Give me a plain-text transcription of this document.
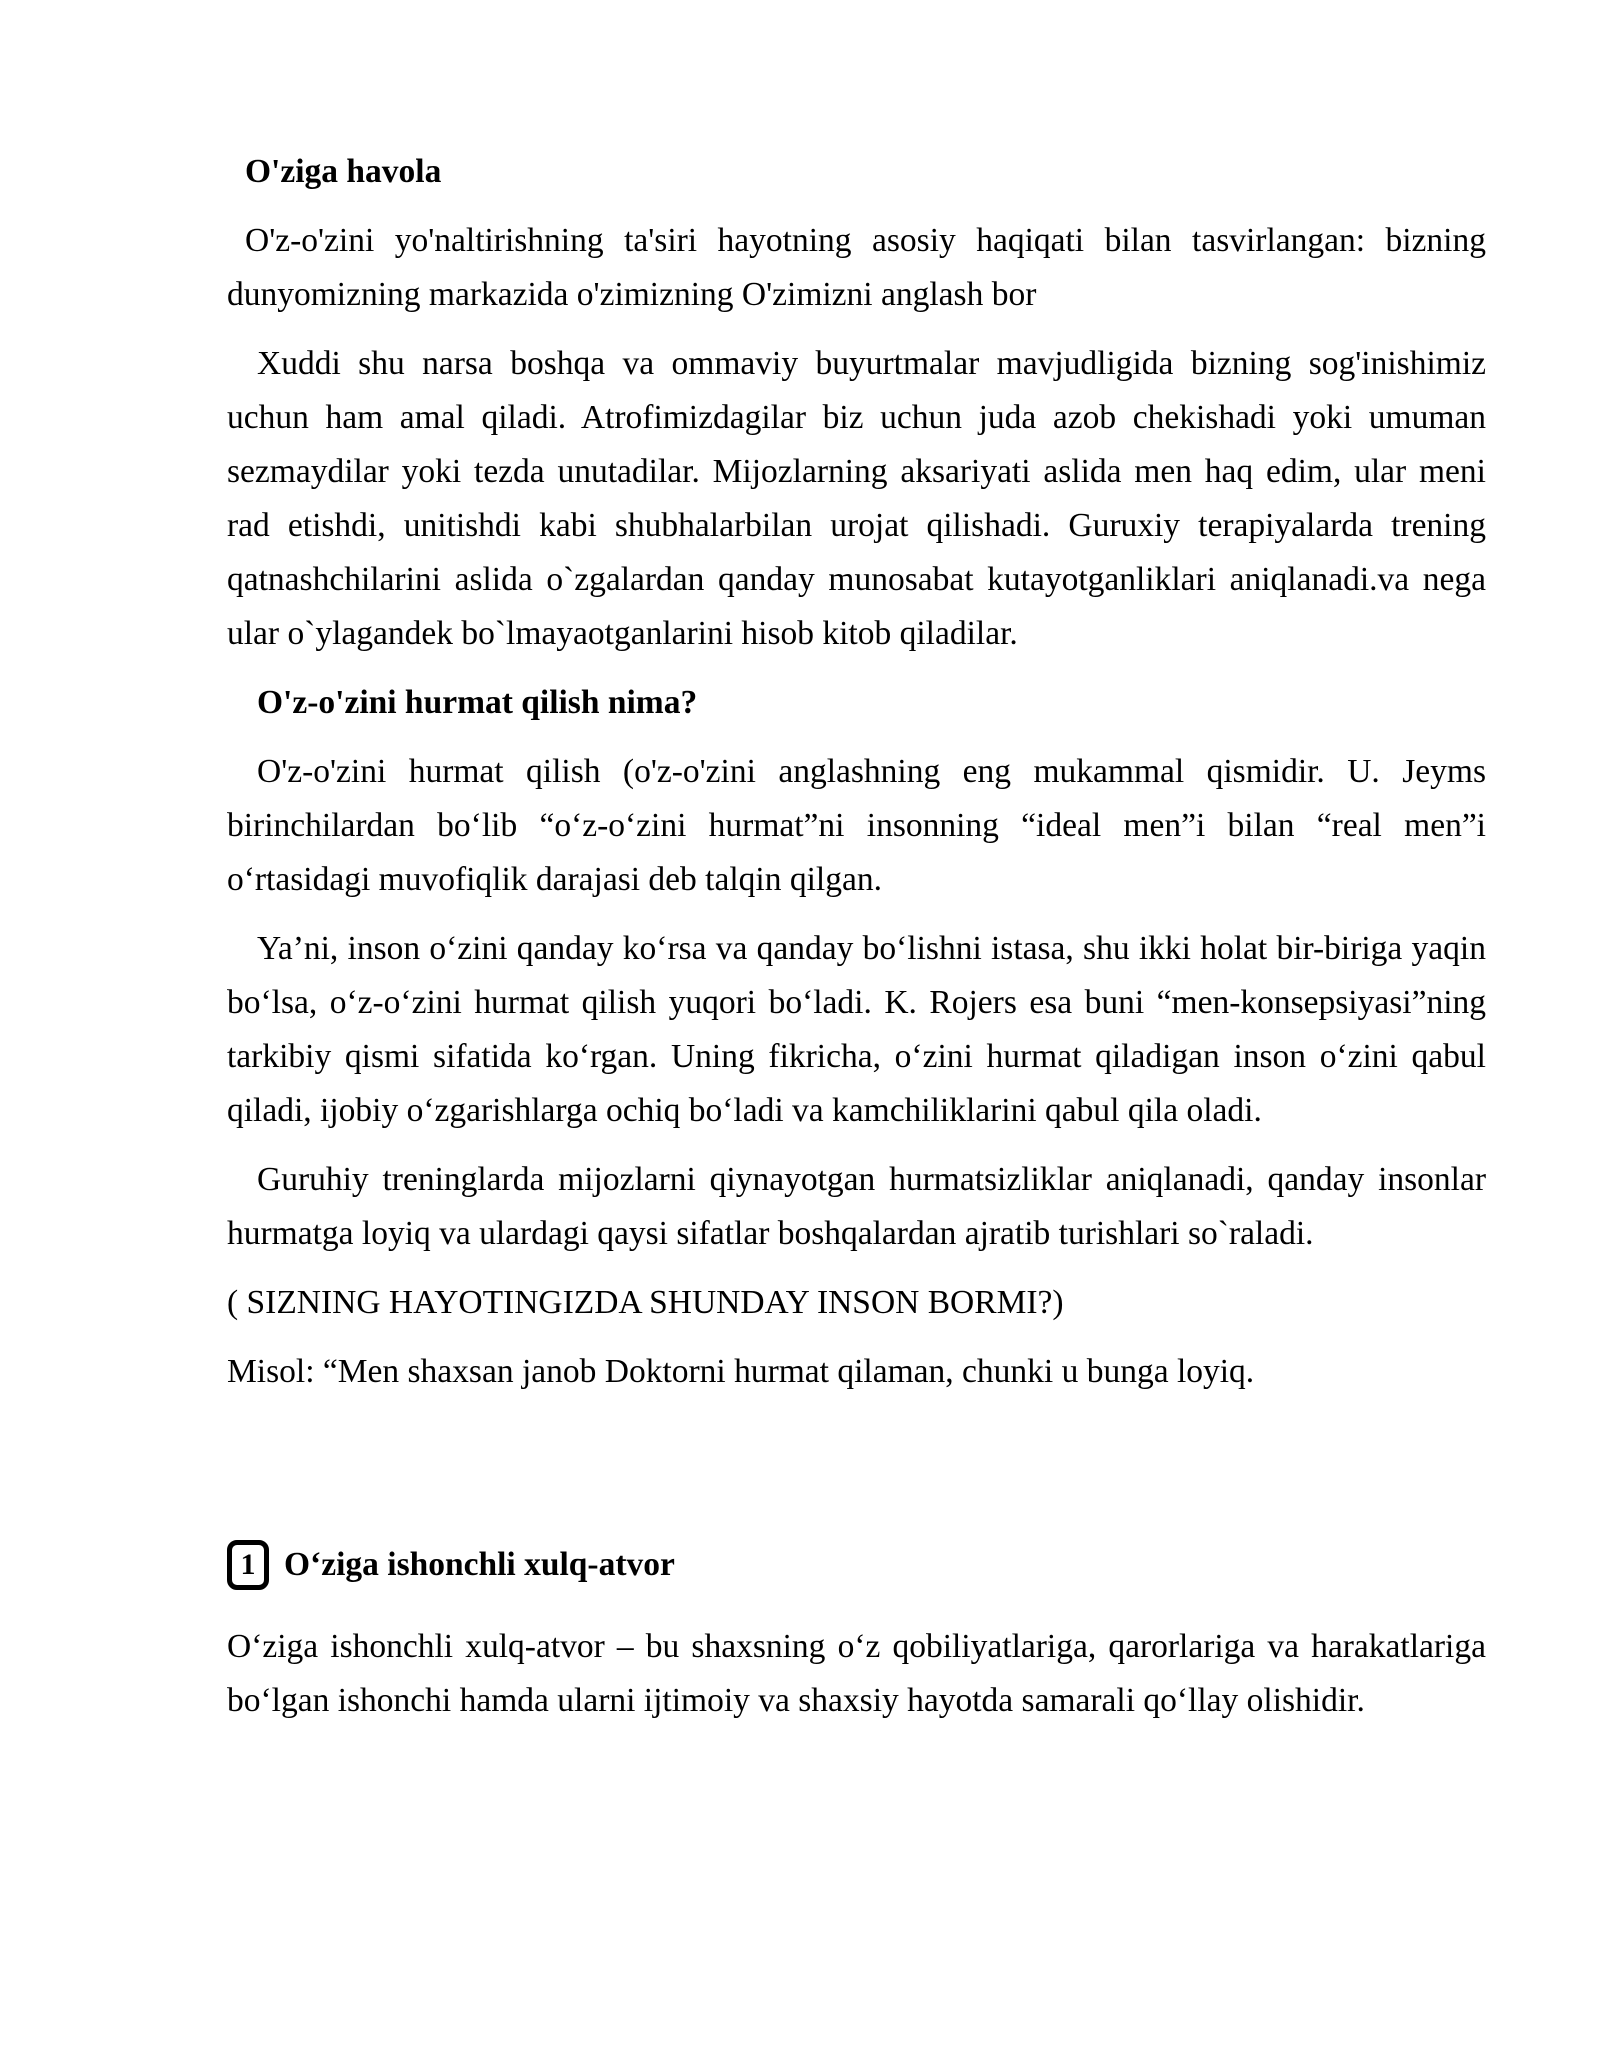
O'ziga havola

O'z-o'zini yo'naltirishning ta'siri hayotning asosiy haqiqati bilan tasvirlangan: bizning dunyomizning markazida o'zimizning O'zimizni anglash bor

Xuddi shu narsa boshqa va ommaviy buyurtmalar mavjudligida bizning sog'inishimiz uchun ham amal qiladi. Atrofimizdagilar biz uchun juda azob chekishadi yoki umuman sezmaydilar yoki tezda unutadilar. Mijozlarning aksariyati aslida men haq edim, ular meni rad etishdi, unitishdi kabi shubhalarbilan urojat qilishadi. Guruxiy terapiyalarda trening qatnashchilarini aslida o`zgalardan qanday munosabat kutayotganliklari aniqlanadi.va nega ular o`ylagandek bo`lmayaotganlarini hisob kitob qiladilar.

O'z-o'zini hurmat qilish nima?

O'z-o'zini hurmat qilish (o'z-o'zini anglashning eng mukammal qismidir. U. Jeyms birinchilardan bo‘lib “o‘z-o‘zini hurmat”ni insonning “ideal men”i bilan “real men”i o‘rtasidagi muvofiqlik darajasi deb talqin qilgan.

Ya’ni, inson o‘zini qanday ko‘rsa va qanday bo‘lishni istasa, shu ikki holat bir-biriga yaqin bo‘lsa, o‘z-o‘zini hurmat qilish yuqori bo‘ladi. K. Rojers esa buni “men-konsepsiyasi”ning tarkibiy qismi sifatida ko‘rgan. Uning fikricha, o‘zini hurmat qiladigan inson o‘zini qabul qiladi, ijobiy o‘zgarishlarga ochiq bo‘ladi va kamchiliklarini qabul qila oladi.

Guruhiy treninglarda mijozlarni qiynayotgan hurmatsizliklar aniqlanadi, qanday insonlar hurmatga loyiq va ulardagi qaysi sifatlar boshqalardan ajratib turishlari so`raladi.

( SIZNING HAYOTINGIZDA SHUNDAY INSON BORMI?)

Misol: “Men shaxsan janob Doktorni hurmat qilaman, chunki u bunga loyiq.

1 O‘ziga ishonchli xulq-atvor

O‘ziga ishonchli xulq-atvor – bu shaxsning o‘z qobiliyatlariga, qarorlariga va harakatlariga bo‘lgan ishonchi hamda ularni ijtimoiy va shaxsiy hayotda samarali qo‘llay olishidir.
